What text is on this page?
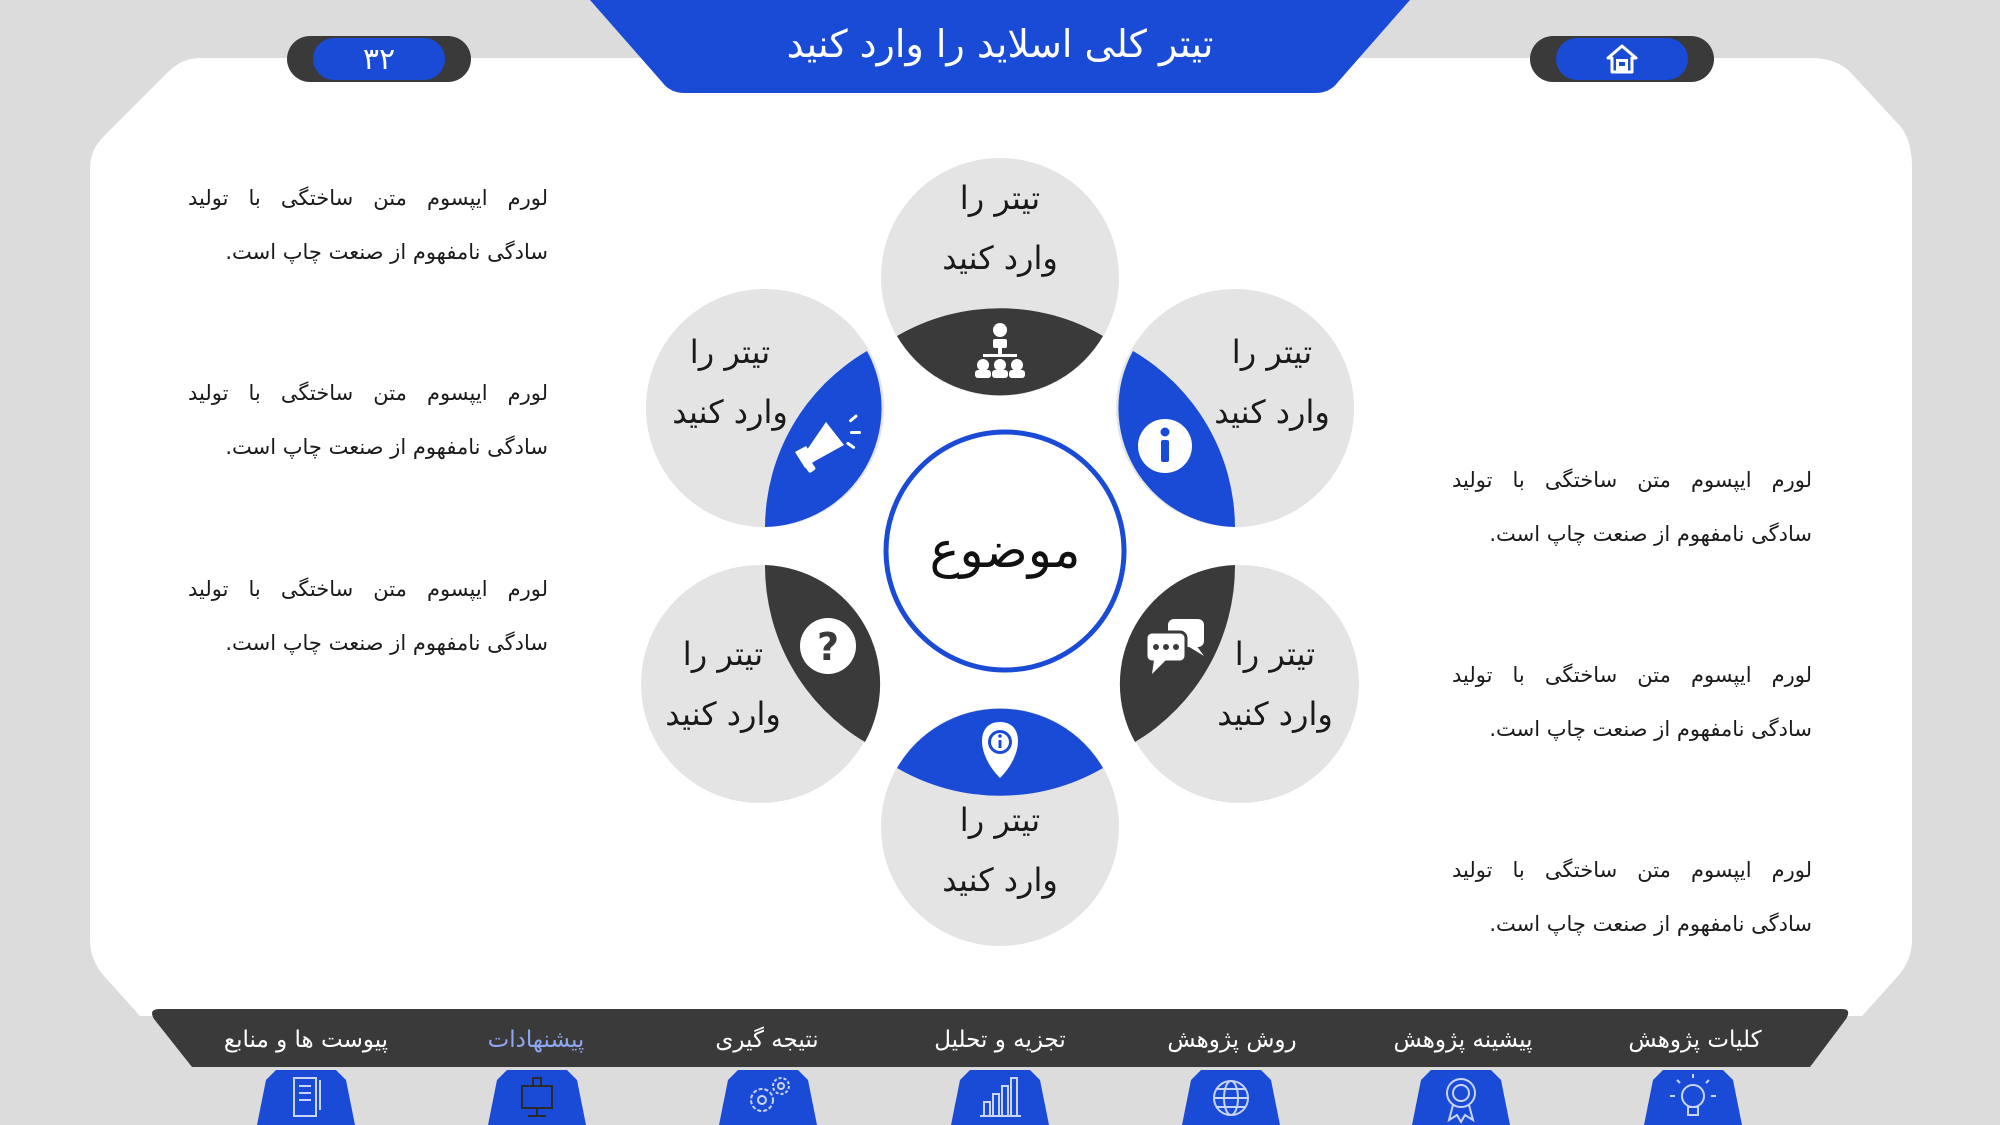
تیتر کلی اسلاید را وارد کنید
۳۲
?
موضوع
تیتر را
وارد کنید
تیتر را
وارد کنید
تیتر را
وارد کنید
تیتر را
وارد کنید
تیتر را
وارد کنید
تیتر را
وارد کنید
لورم ایپسوم متن ساختگی با تولید
سادگی نامفهوم از صنعت چاپ است.
لورم ایپسوم متن ساختگی با تولید
سادگی نامفهوم از صنعت چاپ است.
لورم ایپسوم متن ساختگی با تولید
سادگی نامفهوم از صنعت چاپ است.
لورم ایپسوم متن ساختگی با تولید
سادگی نامفهوم از صنعت چاپ است.
لورم ایپسوم متن ساختگی با تولید
سادگی نامفهوم از صنعت چاپ است.
لورم ایپسوم متن ساختگی با تولید
سادگی نامفهوم از صنعت چاپ است.
کلیات پژوهش
پیشینه پژوهش
روش پژوهش
تجزیه و تحلیل
نتیجه گیری
پیشنهادات
پیوست ها و منابع
